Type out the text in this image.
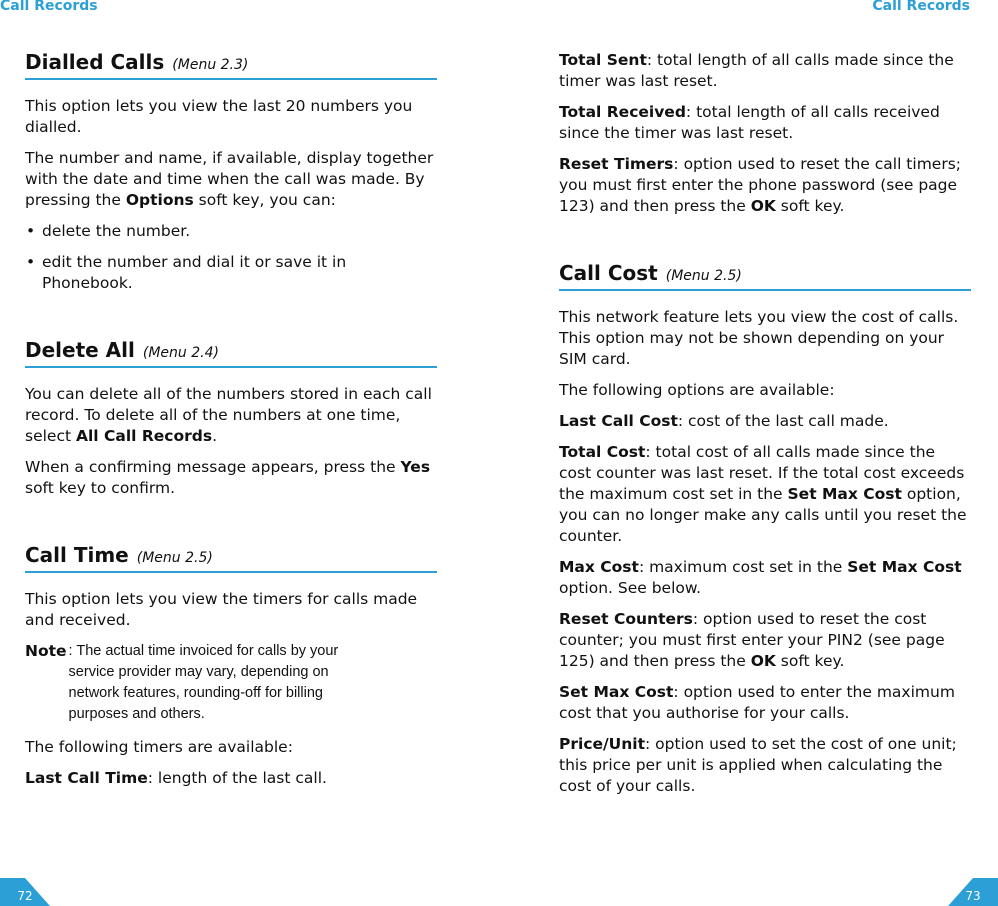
Call Records
Dialled Calls (Menu 2.3)

This option lets you view the last 20 numbers you dialled.

The number and name, if available, display together with the date and time when the call was made. By pressing the Options soft key, you can:

• delete the number.
• edit the number and dial it or save it in Phonebook.
Delete All (Menu 2.4)

You can delete all of the numbers stored in each call record. To delete all of the numbers at one time, select All Call Records.

When a confirming message appears, press the Yes soft key to confirm.

Call Time (Menu 2.5)

This option lets you view the timers for calls made and received.

Note : The actual time invoiced for calls by your service provider may vary, depending on network features, rounding-off for billing purposes and others.

The following timers are available:

Last Call Time: length of the last call.

72
Call Records

Total Sent: total length of all calls made since the timer was last reset.

Total Received: total length of all calls received since the timer was last reset.

Reset Timers: option used to reset the call timers; you must first enter the phone password (see page 123) and then press the OK soft key.

Call Cost (Menu 2.5)

This network feature lets you view the cost of calls. This option may not be shown depending on your SIM card.

The following options are available:

Last Call Cost: cost of the last call made.

Total Cost: total cost of all calls made since the cost counter was last reset. If the total cost exceeds the maximum cost set in the Set Max Cost option, you can no longer make any calls until you reset the counter.

Max Cost: maximum cost set in the Set Max Cost option. See below.

Reset Counters: option used to reset the cost counter; you must first enter your PIN2 (see page 125) and then press the OK soft key.

Set Max Cost: option used to enter the maximum cost that you authorise for your calls.

Price/Unit: option used to set the cost of one unit; this price per unit is applied when calculating the cost of your calls.

73
